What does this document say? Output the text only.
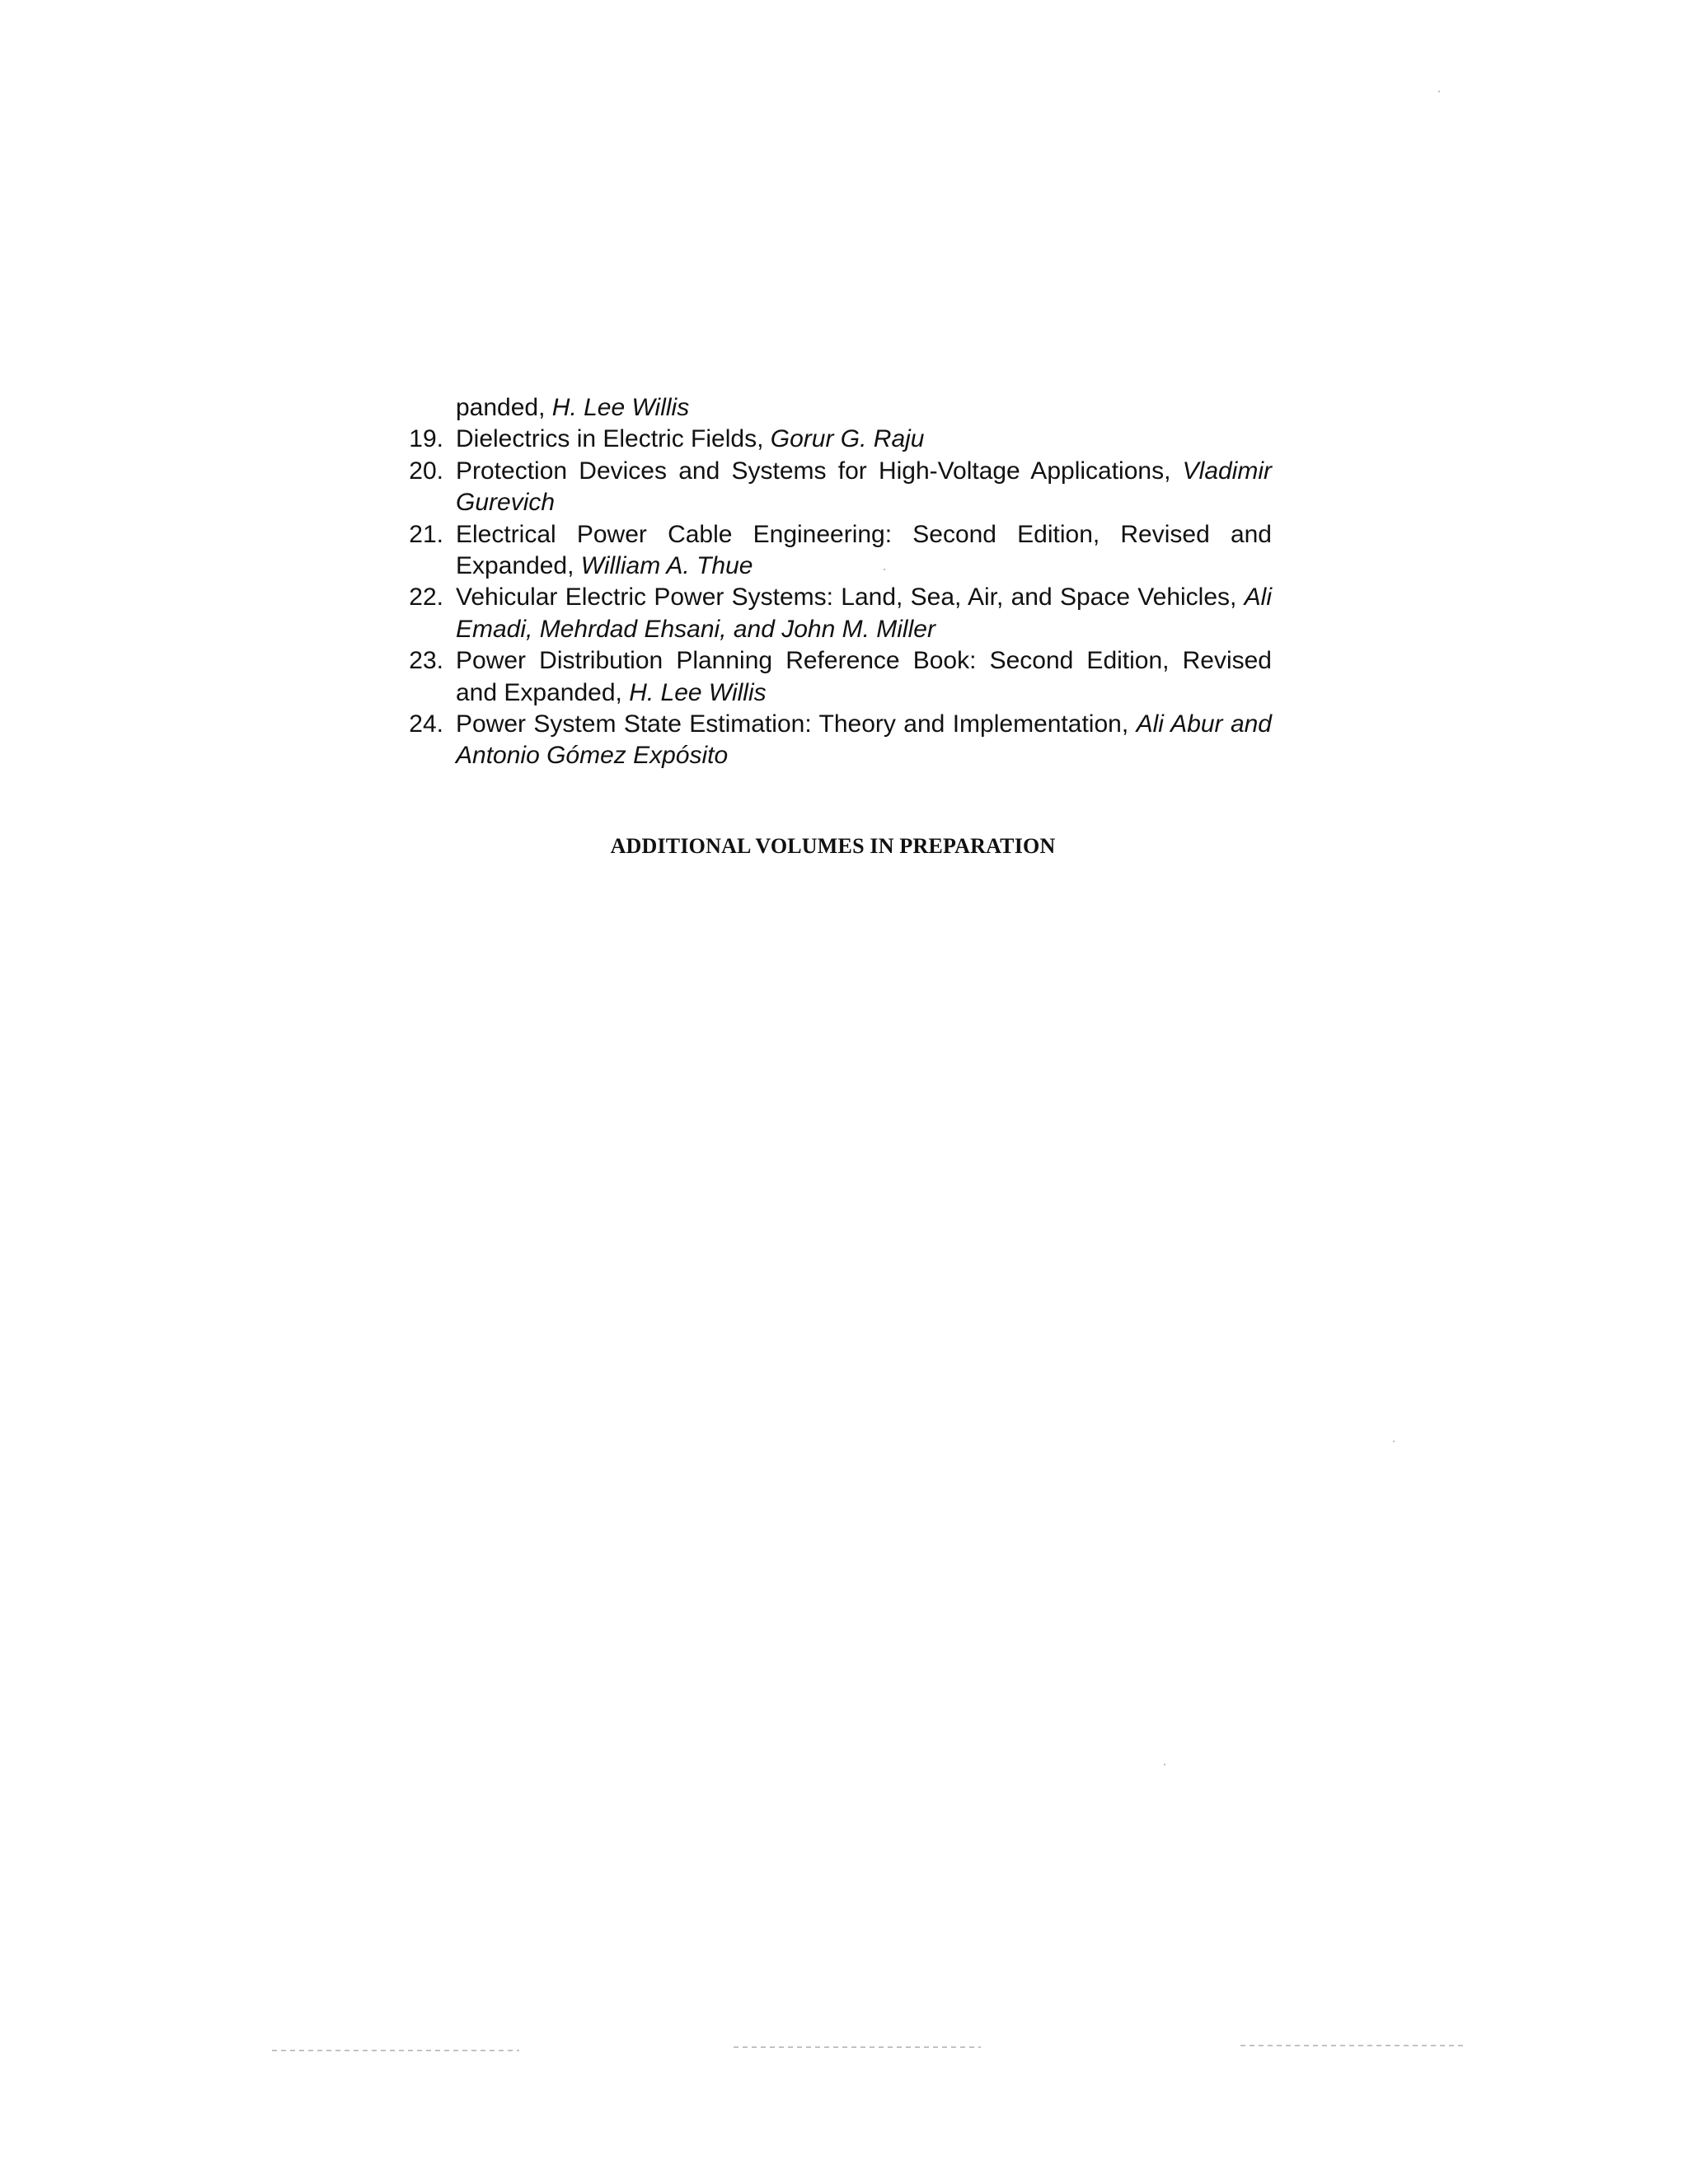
panded, H. Lee Willis
19. Dielectrics in Electric Fields, Gorur G. Raju
20. Protection Devices and Systems for High-Voltage Applications, Vladimir Gurevich
21. Electrical Power Cable Engineering: Second Edition, Revised and Expanded, William A. Thue
22. Vehicular Electric Power Systems: Land, Sea, Air, and Space Vehicles, Ali Emadi, Mehrdad Ehsani, and John M. Miller
23. Power Distribution Planning Reference Book: Second Edition, Revised and Expanded, H. Lee Willis
24. Power System State Estimation: Theory and Implementation, Ali Abur and Antonio Gómez Expósito
ADDITIONAL VOLUMES IN PREPARATION
